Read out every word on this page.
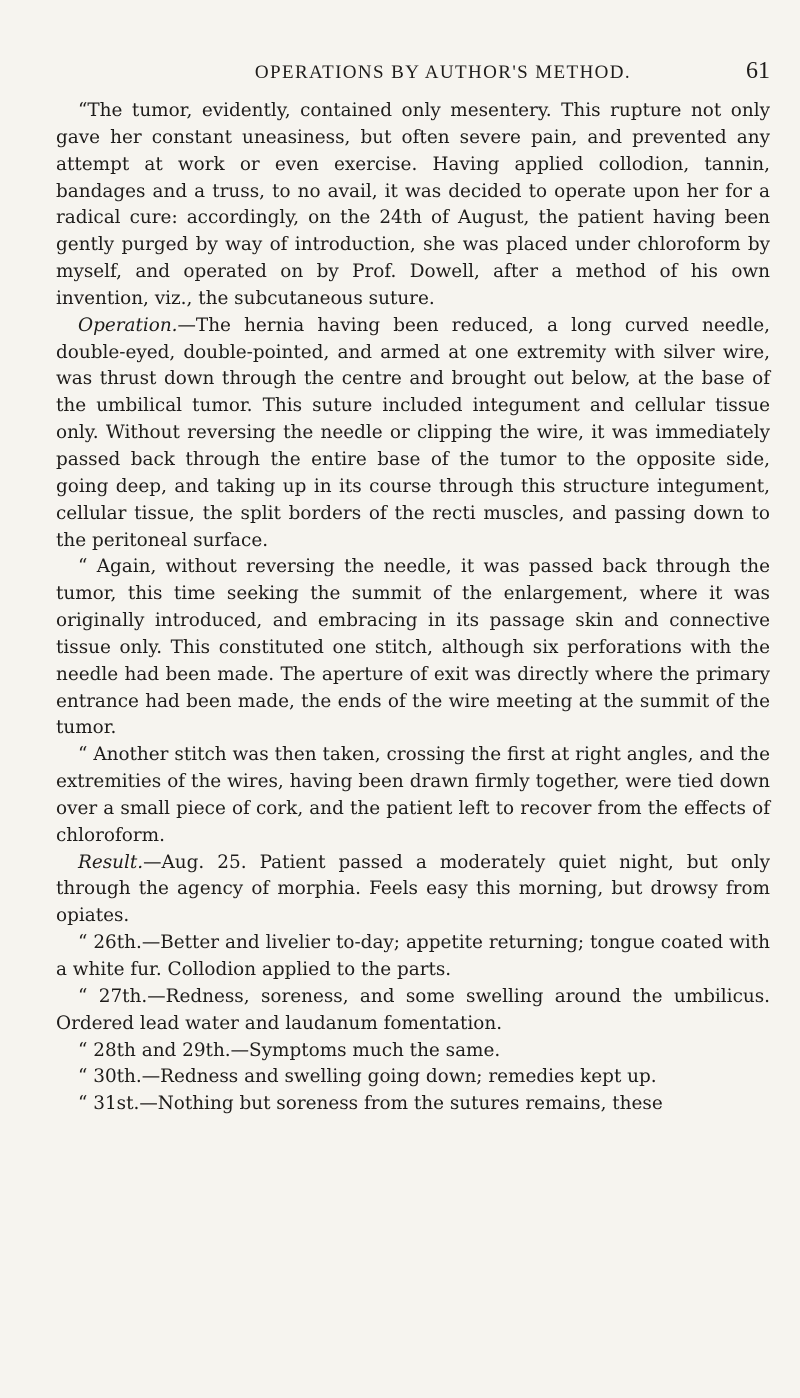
OPERATIONS BY AUTHOR'S METHOD.	61

“The tumor, evidently, contained only mesentery. This rupture not only gave her constant uneasiness, but often severe pain, and prevented any attempt at work or even exercise. Having applied collodion, tannin, bandages and a truss, to no avail, it was decided to operate upon her for a radical cure: accordingly, on the 24th of August, the patient having been gently purged by way of introduction, she was placed under chloroform by myself, and operated on by Prof. Dowell, after a method of his own invention, viz., the subcutaneous suture.

Operation.—The hernia having been reduced, a long curved needle, double-eyed, double-pointed, and armed at one extremity with silver wire, was thrust down through the centre and brought out below, at the base of the umbilical tumor. This suture included integument and cellular tissue only. Without reversing the needle or clipping the wire, it was immediately passed back through the entire base of the tumor to the opposite side, going deep, and taking up in its course through this structure integument, cellular tissue, the split borders of the recti muscles, and passing down to the peritoneal surface.

“ Again, without reversing the needle, it was passed back through the tumor, this time seeking the summit of the enlargement, where it was originally introduced, and embracing in its passage skin and connective tissue only. This constituted one stitch, although six perforations with the needle had been made. The aperture of exit was directly where the primary entrance had been made, the ends of the wire meeting at the summit of the tumor.

“ Another stitch was then taken, crossing the first at right angles, and the extremities of the wires, having been drawn firmly together, were tied down over a small piece of cork, and the patient left to recover from the effects of chloroform.

Result.—Aug. 25. Patient passed a moderately quiet night, but only through the agency of morphia. Feels easy this morning, but drowsy from opiates.

“ 26th.—Better and livelier to-day; appetite returning; tongue coated with a white fur. Collodion applied to the parts.

“ 27th.—Redness, soreness, and some swelling around the umbilicus. Ordered lead water and laudanum fomentation.

“ 28th and 29th.—Symptoms much the same.

“ 30th.—Redness and swelling going down; remedies kept up.

“ 31st.—Nothing but soreness from the sutures remains, these
